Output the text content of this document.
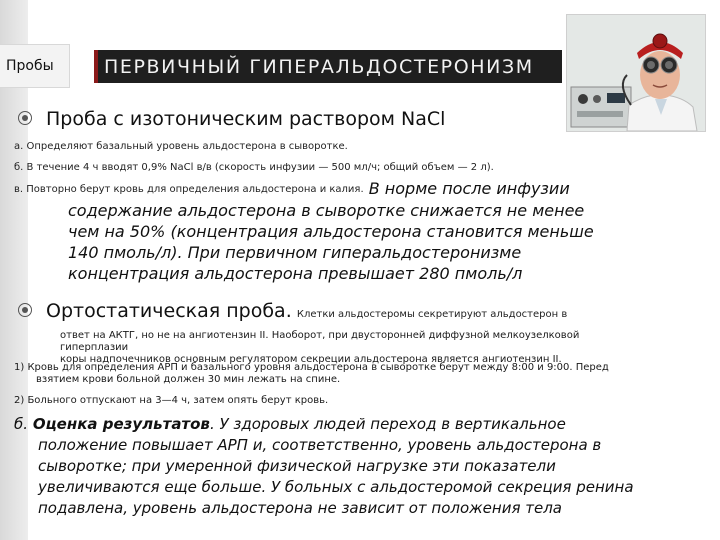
Пробы	ПЕРВИЧНЫЙ ГИПЕРАЛЬДОСТЕРОНИЗМ
Проба с изотоническим раствором NaCl
а. Определяют базальный уровень альдостерона в сыворотке.
б. В течение 4 ч вводят 0,9% NaCl в/в (скорость инфузии — 500 мл/ч; общий объем — 2 л).
в. Повторно берут кровь для определения альдостерона и калия. В норме после инфузии
содержание альдостерона в сыворотке снижается не менее
чем на 50% (концентрация альдостерона становится меньше
140 пмоль/л). При первичном гиперальдостеронизме
концентрация альдостерона превышает 280 пмоль/л
Ортостатическая проба. Клетки альдостеромы секретируют альдостерон в
ответ на АКТГ, но не на ангиотензин II. Наоборот, при двусторонней диффузной мелкоузелковой гиперплазии
коры надпочечников основным регулятором секреции альдостерона является ангиотензин II.
1) Кровь для определения АРП и базального уровня альдостерона в сыворотке берут между 8:00 и 9:00. Перед
взятием крови больной должен 30 мин лежать на спине.
2) Больного отпускают на 3—4 ч, затем опять берут кровь.
б. Оценка результатов. У здоровых людей переход в вертикальное
положение повышает АРП и, соответственно, уровень альдостерона в
сыворотке; при умеренной физической нагрузке эти показатели
увеличиваются еще больше. У больных с альдостеромой секреция ренина
подавлена, уровень альдостерона не зависит от положения тела
